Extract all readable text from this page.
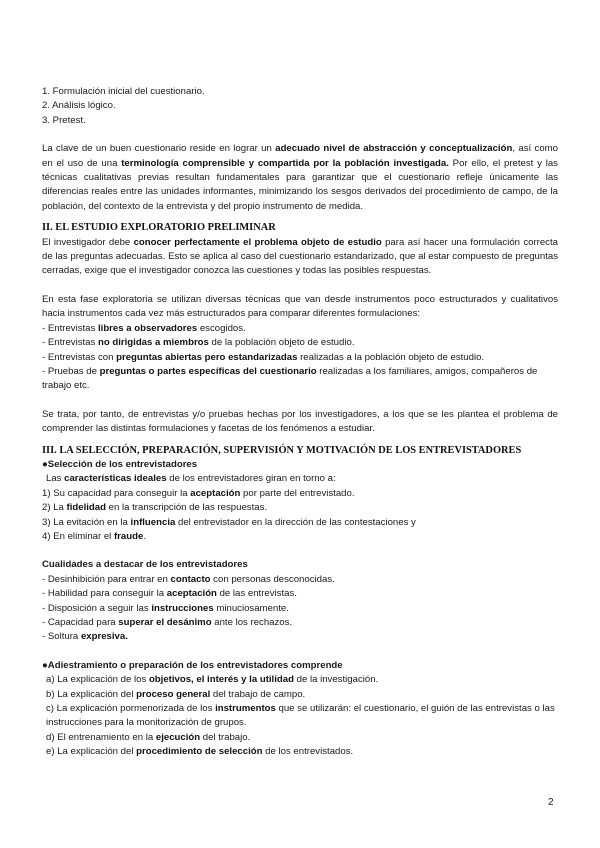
1. Formulación inicial del cuestionario.

2. Análisis lógico.

3. Pretest.

La clave de un buen cuestionario reside en lograr un adecuado nivel de abstracción y conceptualización, así como en el uso de una terminología comprensible y compartida por la población investigada. Por ello, el pretest y las técnicas cualitativas previas resultan fundamentales para garantizar que el cuestionario refleje únicamente las diferencias reales entre las unidades informantes, minimizando los sesgos derivados del procedimiento de campo, de la población, del contexto de la entrevista y del propio instrumento de medida.

II. EL ESTUDIO EXPLORATORIO PRELIMINAR

El investigador debe conocer perfectamente el problema objeto de estudio para así hacer una formulación correcta de las preguntas adecuadas. Esto se aplica al caso del cuestionario estandarizado, que al estar compuesto de preguntas cerradas, exige que el investigador conozca las cuestiones y todas las posibles respuestas.

En esta fase exploratoria se utilizan diversas técnicas que van desde instrumentos poco estructurados y cualitativos hacia instrumentos cada vez más estructurados para comparar diferentes formulaciones:

- Entrevistas libres a observadores escogidos.

- Entrevistas no dirigidas a miembros de la población objeto de estudio.

- Entrevistas con preguntas abiertas pero estandarizadas realizadas a la población objeto de estudio.

- Pruebas de preguntas o partes específicas del cuestionario realizadas a los familiares, amigos, compañeros de trabajo etc.

Se trata, por tanto, de entrevistas y/o pruebas hechas por los investigadores, a los que se les plantea el problema de comprender las distintas formulaciones y facetas de los fenómenos a estudiar.

III. LA SELECCIÓN, PREPARACIÓN, SUPERVISIÓN Y MOTIVACIÓN DE LOS ENTREVISTADORES

●Selección de los entrevistadores

Las características ideales de los entrevistadores giran en torno a:

1) Su capacidad para conseguir la aceptación por parte del entrevistado.

2) La fidelidad en la transcripción de las respuestas.

3) La evitación en la influencia del entrevistador en la dirección de las contestaciones y

4) En eliminar el fraude.

Cualidades a destacar de los entrevistadores

- Desinhibición para entrar en contacto con personas desconocidas.

- Habilidad para conseguir la aceptación de las entrevistas.

- Disposición a seguir las instrucciones minuciosamente.

- Capacidad para superar el desánimo ante los rechazos.

- Soltura expresiva.

●Adiestramiento o preparación de los entrevistadores comprende

a) La explicación de los objetivos, el interés y la utilidad de la investigación.

b) La explicación del proceso general del trabajo de campo.

c) La explicación pormenorizada de los instrumentos que se utilizarán: el cuestionario, el guión de las entrevistas o las instrucciones para la monitorización de grupos.

d) El entrenamiento en la ejecución del trabajo.

e) La explicación del procedimiento de selección de los entrevistados.

2
